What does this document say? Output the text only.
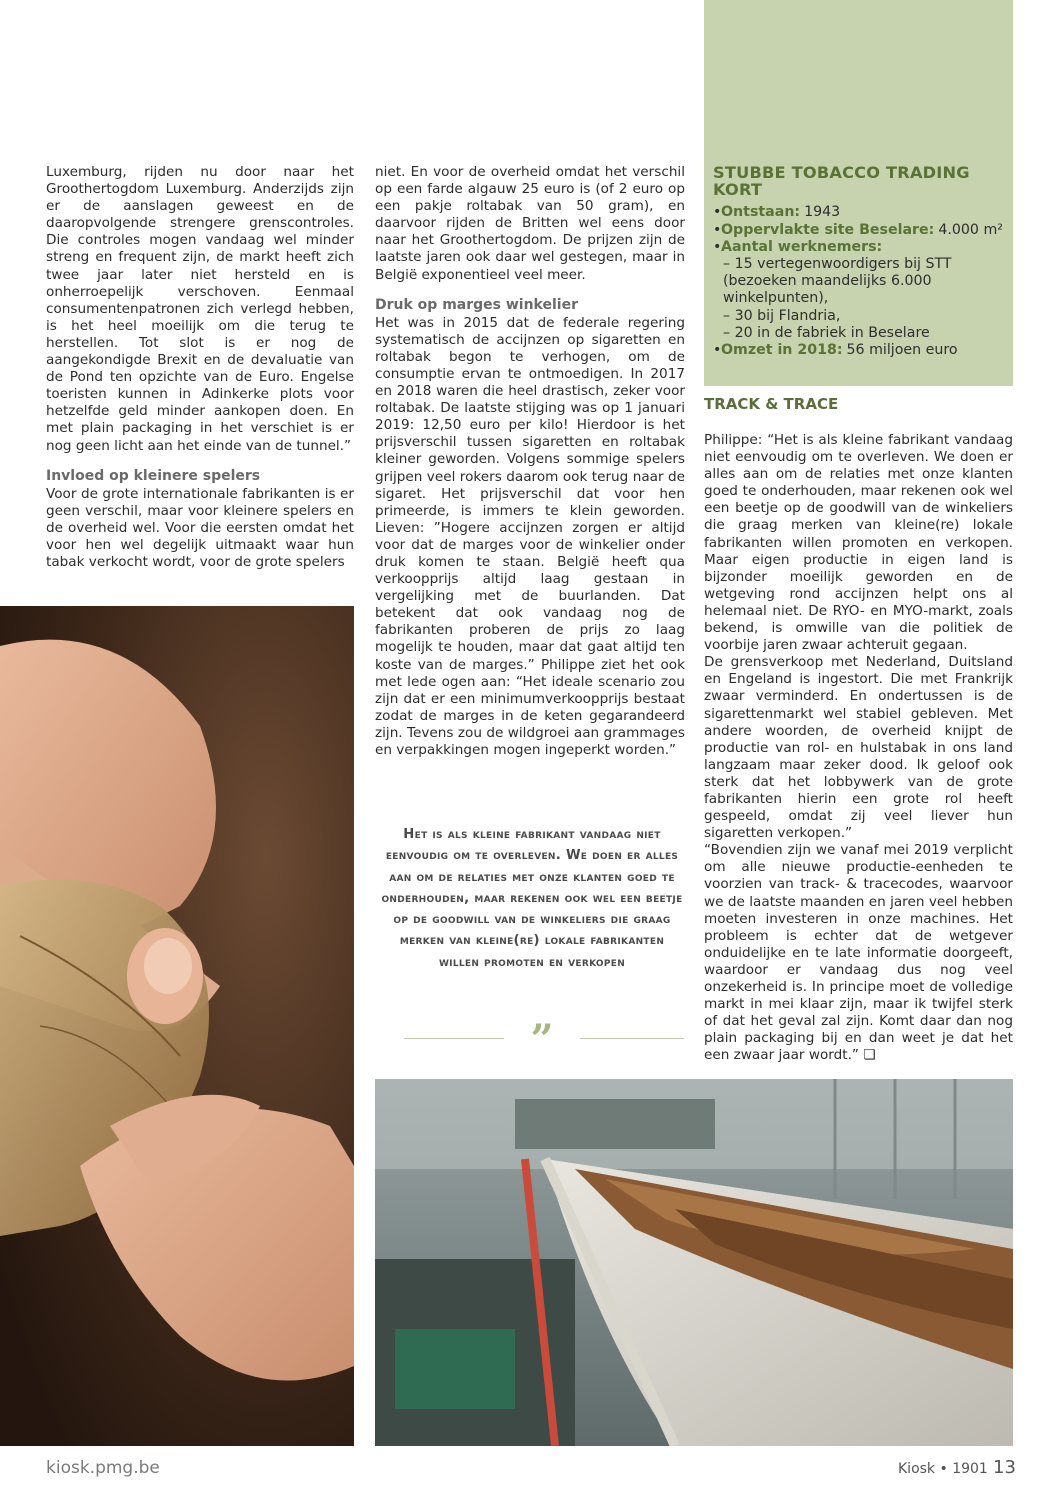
Luxemburg, rijden nu door naar het Groothertogdom Luxemburg. Anderzijds zijn er de aanslagen geweest en de daaropvolgende strengere grenscontroles. Die controles mogen vandaag wel minder streng en frequent zijn, de markt heeft zich twee jaar later niet hersteld en is onherroepelijk verschoven. Eenmaal consumentenpatronen zich verlegd hebben, is het heel moeilijk om die terug te herstellen. Tot slot is er nog de aangekondigde Brexit en de devaluatie van de Pond ten opzichte van de Euro. Engelse toeristen kunnen in Adinkerke plots voor hetzelfde geld minder aankopen doen. En met plain packaging in het verschiet is er nog geen licht aan het einde van de tunnel.”

Invloed op kleinere spelers

Voor de grote internationale fabrikanten is er geen verschil, maar voor kleinere spelers en de overheid wel. Voor die eersten omdat het voor hen wel degelijk uitmaakt waar hun tabak verkocht wordt, voor de grote spelers

niet. En voor de overheid omdat het verschil op een farde algauw 25 euro is (of 2 euro op een pakje roltabak van 50 gram), en daarvoor rijden de Britten wel eens door naar het Groothertogdom. De prijzen zijn de laatste jaren ook daar wel gestegen, maar in België exponentieel veel meer.

Druk op marges winkelier

Het was in 2015 dat de federale regering systematisch de accijnzen op sigaretten en roltabak begon te verhogen, om de consumptie ervan te ontmoedigen. In 2017 en 2018 waren die heel drastisch, zeker voor roltabak. De laatste stijging was op 1 januari 2019: 12,50 euro per kilo! Hierdoor is het prijsverschil tussen sigaretten en roltabak kleiner geworden. Volgens sommige spelers grijpen veel rokers daarom ook terug naar de sigaret. Het prijsverschil dat voor hen primeerde, is immers te klein geworden. Lieven: ”Hogere accijnzen zorgen er altijd voor dat de marges voor de winkelier onder druk komen te staan. België heeft qua verkoopprijs altijd laag gestaan in vergelijking met de buurlanden. Dat betekent dat ook vandaag nog de fabrikanten proberen de prijs zo laag mogelijk te houden, maar dat gaat altijd ten koste van de marges.” Philippe ziet het ook met lede ogen aan: “Het ideale scenario zou zijn dat er een minimumverkoopprijs bestaat zodat de marges in de keten gegarandeerd zijn. Tevens zou de wildgroei aan grammages en verpakkingen mogen ingeperkt worden.”

Het is als kleine fabrikant vandaag niet eenvoudig om te overleven. We doen er alles aan om de relaties met onze klanten goed te onderhouden, maar rekenen ook wel een beetje op de goodwill van de winkeliers die graag merken van kleine(re) lokale fabrikanten willen promoten en verkopen
”
STUBBE TOBACCO TRADING KORT
• Ontstaan: 1943
• Oppervlakte site Beselare: 4.000 m²
• Aantal werknemers:
– 15 vertegenwoordigers bij STT (bezoeken maandelijks 6.000 winkelpunten),
– 30 bij Flandria,
– 20 in de fabriek in Beselare
• Omzet in 2018: 56 miljoen euro
TRACK & TRACE

Philippe: “Het is als kleine fabrikant vandaag niet eenvoudig om te overleven. We doen er alles aan om de relaties met onze klanten goed te onderhouden, maar rekenen ook wel een beetje op de goodwill van de winkeliers die graag merken van kleine(re) lokale fabrikanten willen promoten en verkopen. Maar eigen productie in eigen land is bijzonder moeilijk geworden en de wetgeving rond accijnzen helpt ons al helemaal niet. De RYO- en MYO-markt, zoals bekend, is omwille van die politiek de voorbije jaren zwaar achteruit gegaan.

De grensverkoop met Nederland, Duitsland en Engeland is ingestort. Die met Frankrijk zwaar verminderd. En ondertussen is de sigarettenmarkt wel stabiel gebleven. Met andere woorden, de overheid knijpt de productie van rol- en hulstabak in ons land langzaam maar zeker dood. Ik geloof ook sterk dat het lobbywerk van de grote fabrikanten hierin een grote rol heeft gespeeld, omdat zij veel liever hun sigaretten verkopen.”

“Bovendien zijn we vanaf mei 2019 verplicht om alle nieuwe productie-eenheden te voorzien van track- & tracecodes, waarvoor we de laatste maanden en jaren veel hebben moeten investeren in onze machines. Het probleem is echter dat de wetgever onduidelijke en te late informatie doorgeeft, waardoor er vandaag dus nog veel onzekerheid is. In principe moet de volledige markt in mei klaar zijn, maar ik twijfel sterk of dat het geval zal zijn. Komt daar dan nog plain packaging bij en dan weet je dat het een zwaar jaar wordt.” ❏

kiosk.pmg.be	Kiosk • 1901 13
